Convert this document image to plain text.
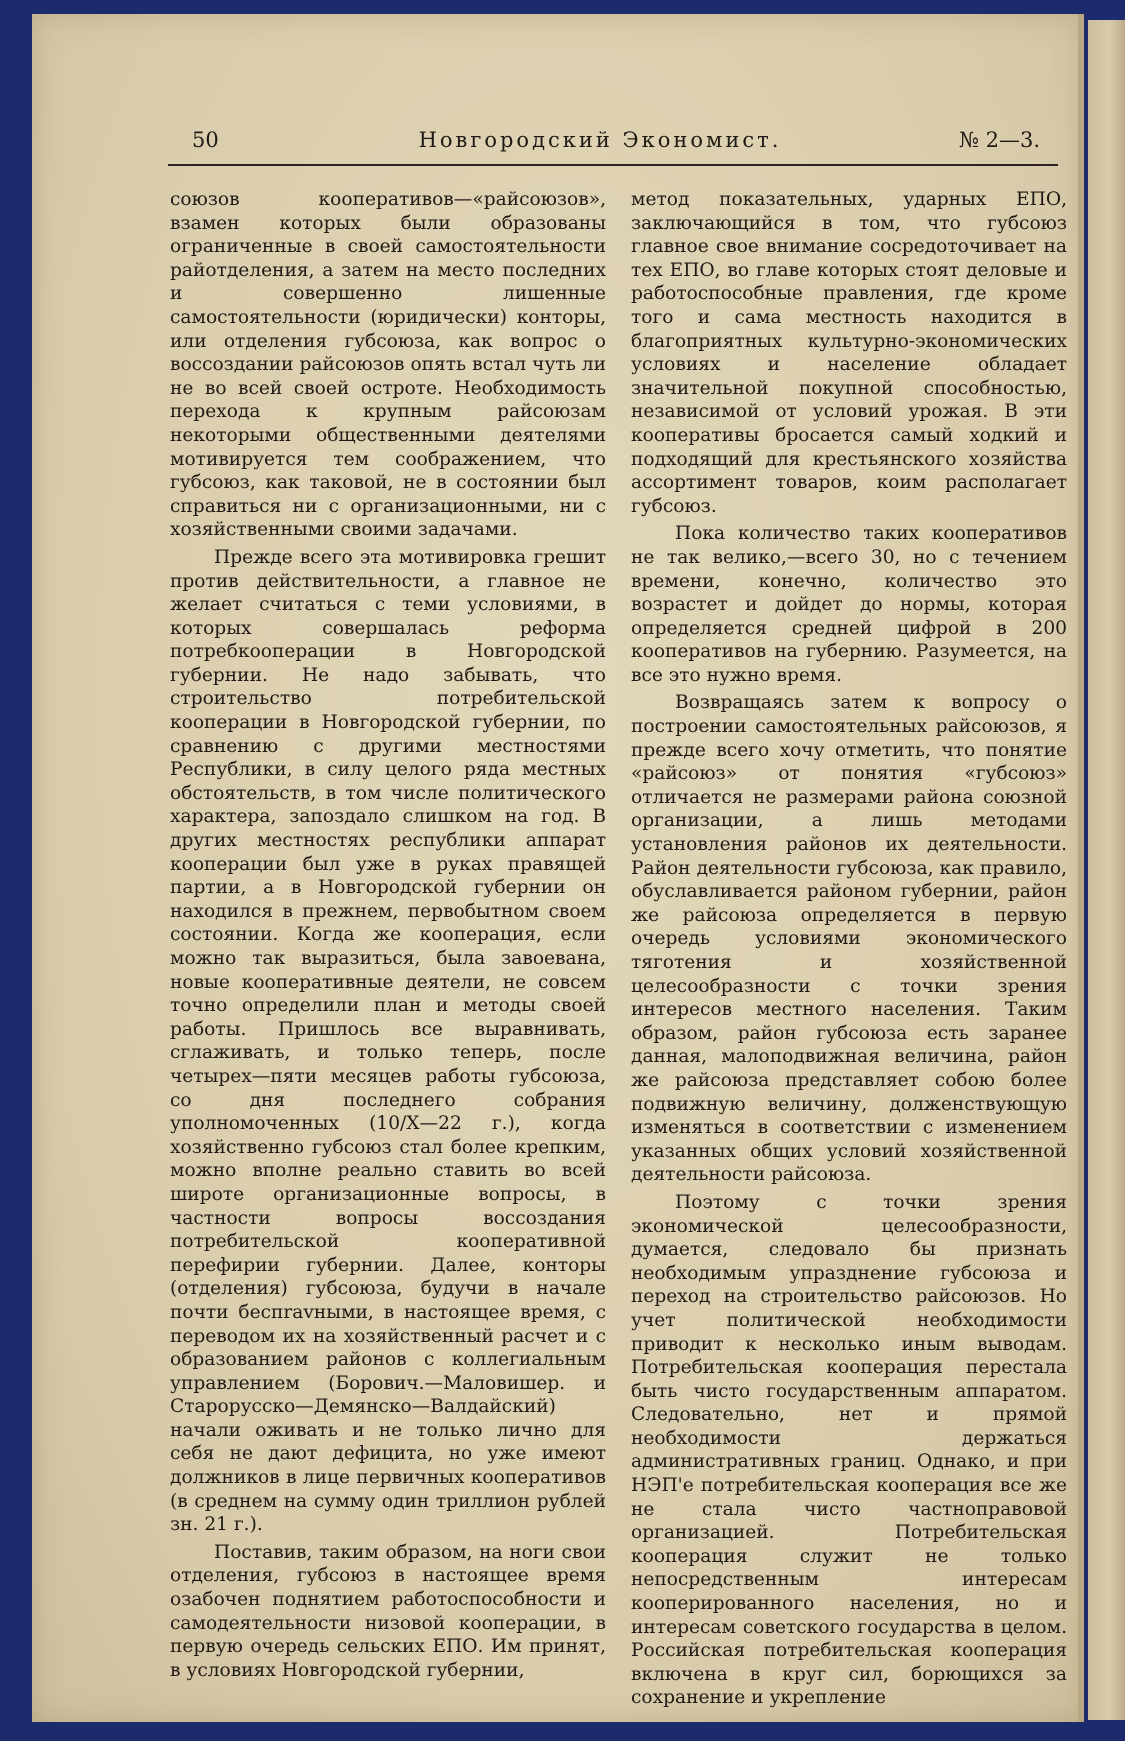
50	Новгородский Экономист.	№ 2—3.

союзов кооперативов—«райсоюзов», взамен которых были образованы ограниченные в своей самостоятельности райотделения, а затем на место последних и совершенно лишенные самостоятельности (юридически) конторы, или отделения губсоюза, как вопрос о воссоздании райсоюзов опять встал чуть ли не во всей своей остроте. Необходимость перехода к крупным райсоюзам некоторыми общественными деятелями мотивируется тем соображением, что губсоюз, как таковой, не в состоянии был справиться ни с организационными, ни с хозяйственными своими задачами.

Прежде всего эта мотивировка грешит против действительности, а главное не желает считаться с теми условиями, в которых совершалась реформа потребкооперации в Новгородской губернии. Не надо забывать, что строительство потребительской кооперации в Новгородской губернии, по сравнению с другими местностями Республики, в силу целого ряда местных обстоятельств, в том числе политического характера, запоздало слишком на год. В других местностях республики аппарат кооперации был уже в руках правящей партии, а в Новгородской губернии он находился в прежнем, первобытном своем состоянии. Когда же кооперация, если можно так выразиться, была завоевана, новые кооперативные деятели, не совсем точно определили план и методы своей работы. Пришлось все выравнивать, сглаживать, и только теперь, после четырех—пяти месяцев работы губсоюза, со дня последнего собрания уполномоченных (10/X—22 г.), когда хозяйственно губсоюз стал более крепким, можно вполне реально ставить во всей широте организационные вопросы, в частности вопросы воссоздания потребительской кооперативной перефирии губернии. Далее, конторы (отделения) губсоюза, будучи в начале почти беспravными, в настоящее время, с переводом их на хозяйственный расчет и с образованием районов с коллегиальным управлением (Борович.—Маловишер. и Старорусско—Демянско—Валдайский) начали оживать и не только лично для себя не дают дефицита, но уже имеют должников в лице первичных кооперативов (в среднем на сумму один триллион рублей зн. 21 г.).

Поставив, таким образом, на ноги свои отделения, губсоюз в настоящее время озабочен поднятием работоспособности и самодеятельности низовой кооперации, в первую очередь сельских ЕПО. Им принят, в условиях Новгородской губернии,

метод показательных, ударных ЕПО, заключающийся в том, что губсоюз главное свое внимание сосредоточивает на тех ЕПО, во главе которых стоят деловые и работоспособные правления, где кроме того и сама местность находится в благоприятных культурно-экономических условиях и население обладает значительной покупной способностью, независимой от условий урожая. В эти кооперативы бросается самый ходкий и подходящий для крестьянского хозяйства ассортимент товаров, коим располагает губсоюз.

Пока количество таких кооперативов не так велико,—всего 30, но с течением времени, конечно, количество это возрастет и дойдет до нормы, которая определяется средней цифрой в 200 кооперативов на губернию. Разумеется, на все это нужно время.

Возвращаясь затем к вопросу о построении самостоятельных райсоюзов, я прежде всего хочу отметить, что понятие «райсоюз» от понятия «губсоюз» отличается не размерами района союзной организации, а лишь методами установления районов их деятельности. Район деятельности губсоюза, как правило, обуславливается районом губернии, район же райсоюза определяется в первую очередь условиями экономического тяготения и хозяйственной целесообразности с точки зрения интересов местного населения. Таким образом, район губсоюза есть заранее данная, малоподвижная величина, район же райсоюза представляет собою более подвижную величину, долженствующую изменяться в соответствии с изменением указанных общих условий хозяйственной деятельности райсоюза.

Поэтому с точки зрения экономической целесообразности, думается, следовало бы признать необходимым упразднение губсоюза и переход на строительство райсоюзов. Но учет политической необходимости приводит к несколько иным выводам. Потребительская кооперация перестала быть чисто государственным аппаратом. Следовательно, нет и прямой необходимости держаться административных границ. Однако, и при НЭП'е потребительская кооперация все же не стала чисто частноправовой организацией. Потребительская кооперация служит не только непосредственным интересам кооперированного населения, но и интересам советского государства в целом. Российская потребительская кооперация включена в круг сил, борющихся за сохранение и укрепление
